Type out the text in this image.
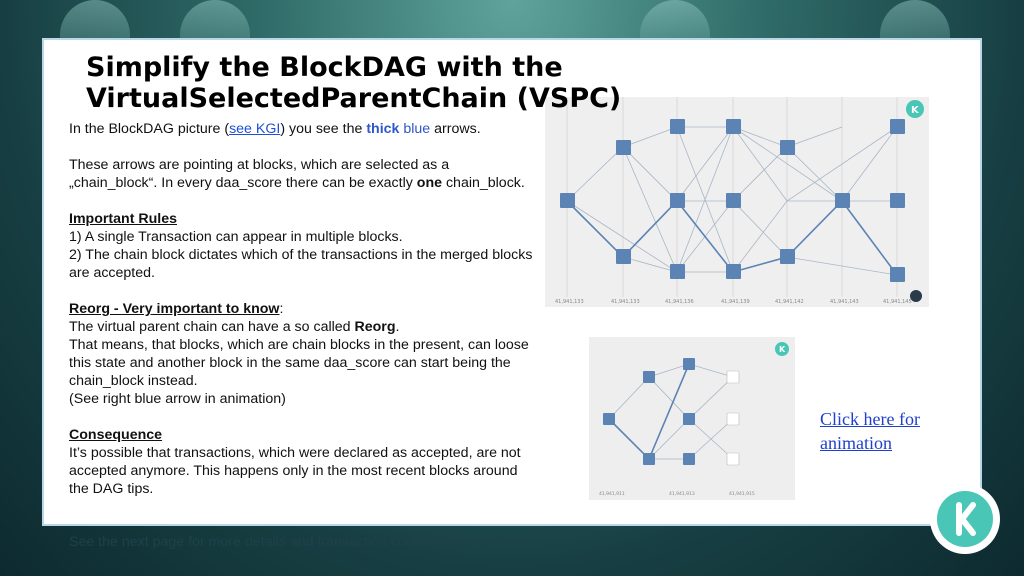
Simplify the BlockDAG with the
VirtualSelectedParentChain (VSPC)

In the BlockDAG picture (see KGI) you see the thick blue arrows.

These arrows are pointing at blocks, which are selected as a „chain_block“. In every daa_score there can be exactly one chain_block.

Important Rules

1) A single Transaction can appear in multiple blocks.

2) The chain block dictates which of the transactions in the merged blocks are accepted.

Reorg - Very important to know:

The virtual parent chain can have a so called Reorg.

That means, that blocks, which are chain blocks in the present, can loose this state and another block in the same daa_score can start being the chain_block instead.

(See right blue arrow in animation)

Consequence

It’s possible that transactions, which were declared as accepted, are not accepted anymore. This happens only in the most recent blocks around the DAG tips.

See the next page for more details and transaction confirmation tracking.
41,941,133	41,941,133	41,941,136	41,941,139	41,941,142	41,941,143	41,941,145
K
41,941,911	41,941,913	41,941,915
K
Click here for
animation
